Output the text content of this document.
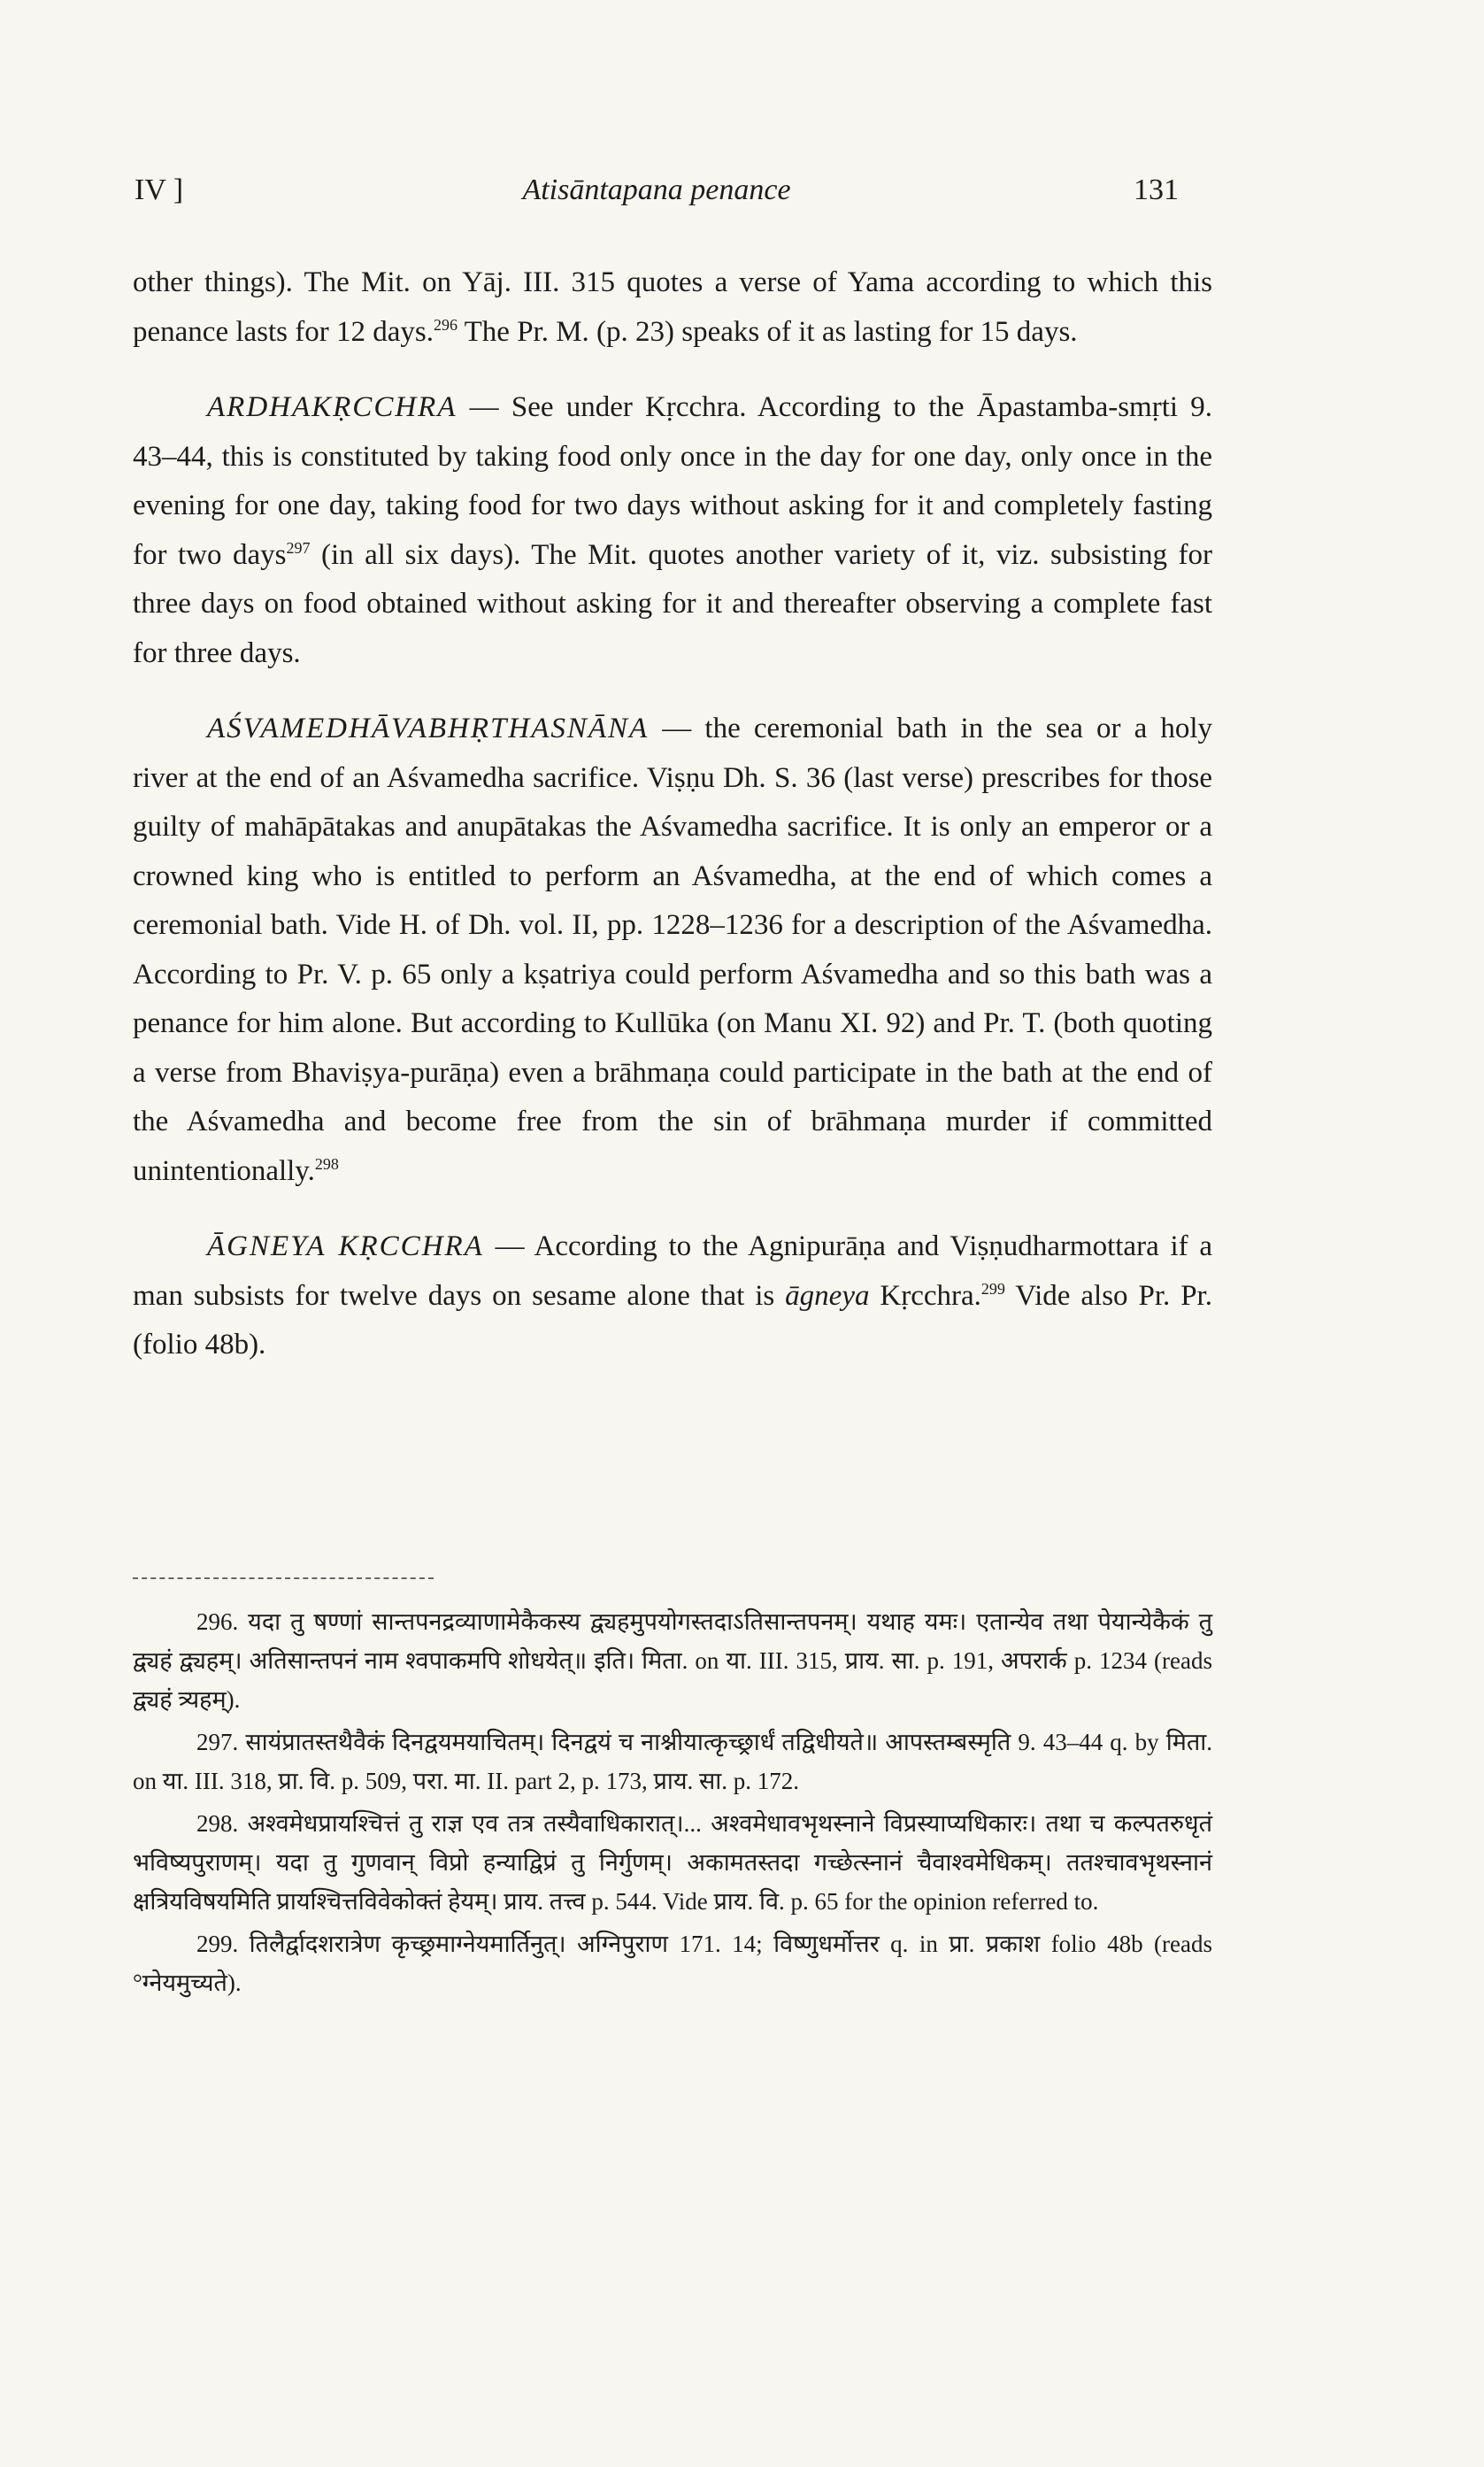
IV ]	Atisāntapana penance	131

other things). The Mit. on Yāj. III. 315 quotes a verse of Yama according to which this penance lasts for 12 days.$^{296}$ The Pr. M. (p. 23) speaks of it as lasting for 15 days.

ARDHAKṚCCHRA — See under Kṛcchra. According to the Āpastamba-smṛti 9. 43–44, this is constituted by taking food only once in the day for one day, only once in the evening for one day, taking food for two days without asking for it and completely fasting for two days$^{297}$ (in all six days). The Mit. quotes another variety of it, viz. subsisting for three days on food obtained without asking for it and thereafter observing a complete fast for three days.

AŚVAMEDHĀVABHṚTHASNĀNA — the ceremonial bath in the sea or a holy river at the end of an Aśvamedha sacrifice. Viṣṇu Dh. S. 36 (last verse) prescribes for those guilty of mahāpātakas and anupātakas the Aśvamedha sacrifice. It is only an emperor or a crowned king who is entitled to perform an Aśvamedha, at the end of which comes a ceremonial bath. Vide H. of Dh. vol. II, pp. 1228–1236 for a description of the Aśvamedha. According to Pr. V. p. 65 only a kṣatriya could perform Aśvamedha and so this bath was a penance for him alone. But according to Kullūka (on Manu XI. 92) and Pr. T. (both quoting a verse from Bhaviṣya-purāṇa) even a brāhmaṇa could participate in the bath at the end of the Aśvamedha and become free from the sin of brāhmaṇa murder if committed unintentionally.$^{298}$

ĀGNEYA KṚCCHRA — According to the Agnipurāṇa and Viṣṇudharmottara if a man subsists for twelve days on sesame alone that is āgneya Kṛcchra.$^{299}$ Vide also Pr. Pr. (folio 48b).

296. यदा तु षण्णां सान्तपनद्रव्याणामेकैकस्य द्व्यहमुपयोगस्तदाऽतिसान्तपनम्। यथाह यमः। एतान्येव तथा पेयान्येकैकं तु द्व्यहं द्व्यहम्। अतिसान्तपनं नाम श्वपाकमपि शोधयेत्॥ इति। मिता. on या. III. 315, प्राय. सा. p. 191, अपरार्क p. 1234 (reads द्व्यहं त्र्यहम्).

297. सायंप्रातस्तथैवैकं दिनद्वयमयाचितम्। दिनद्वयं च नाश्नीयात्कृच्छ्रार्धं तद्विधीयते॥ आपस्तम्बस्मृति 9. 43–44 q. by मिता. on या. III. 318, प्रा. वि. p. 509, परा. मा. II. part 2, p. 173, प्राय. सा. p. 172.

298. अश्वमेधप्रायश्चित्तं तु राज्ञ एव तत्र तस्यैवाधिकारात्।... अश्वमेधावभृथस्नाने विप्रस्याप्यधिकारः। तथा च कल्पतरुधृतं भविष्यपुराणम्। यदा तु गुणवान् विप्रो हन्याद्विप्रं तु निर्गुणम्। अकामतस्तदा गच्छेत्स्नानं चैवाश्वमेधिकम्। ततश्चावभृथस्नानं क्षत्रियविषयमिति प्रायश्चित्तविवेकोक्तं हेयम्। प्राय. तत्त्व p. 544. Vide प्राय. वि. p. 65 for the opinion referred to.

299. तिलैर्द्वादशरात्रेण कृच्छ्रमाग्नेयमार्तिनुत्। अग्निपुराण 171. 14; विष्णुधर्मोत्तर q. in प्रा. प्रकाश folio 48b (reads °ग्नेयमुच्यते).
